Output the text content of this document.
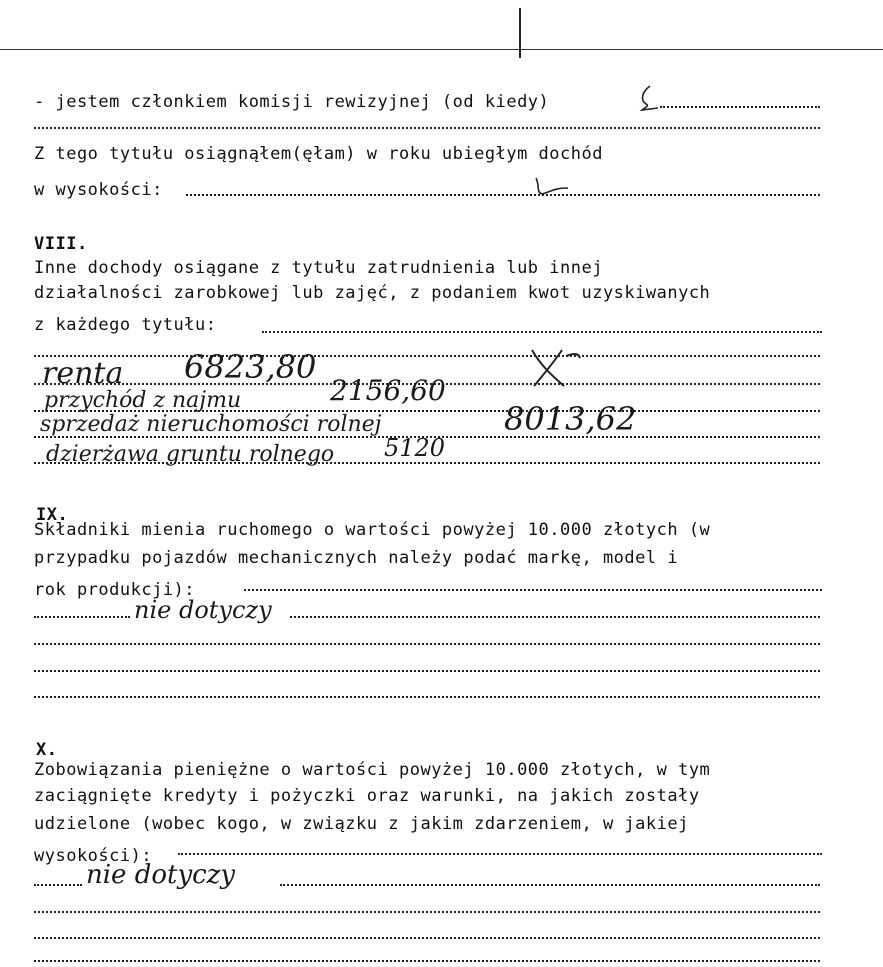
- jestem członkiem komisji rewizyjnej (od kiedy)
Z tego tytułu osiągnąłem(ęłam) w roku ubiegłym dochód
w wysokości:
VIII.
Inne dochody osiągane z tytułu zatrudnienia lub innej
działalności zarobkowej lub zajęć, z podaniem kwot uzyskiwanych
z każdego tytułu:
renta 6823,80
przychód z najmu	2156,60
sprzedaż nieruchomości rolnej	8013,62
dzierżawa gruntu rolnego 5120
IX.
Składniki mienia ruchomego o wartości powyżej 10.000 złotych (w
przypadku pojazdów mechanicznych należy podać markę, model i
rok produkcji):
nie dotyczy
X.
Zobowiązania pieniężne o wartości powyżej 10.000 złotych, w tym
zaciągnięte kredyty i pożyczki oraz warunki, na jakich zostały
udzielone (wobec kogo, w związku z jakim zdarzeniem, w jakiej
wysokości):
nie dotyczy
